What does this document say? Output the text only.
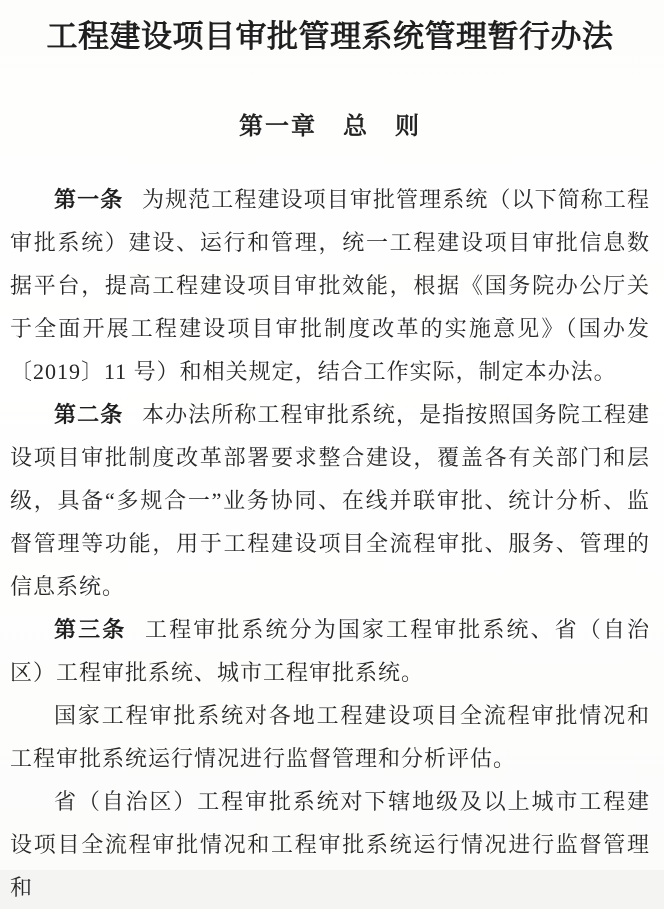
工程建设项目审批管理系统管理暂行办法
第一章　总　则

第一条 为规范工程建设项目审批管理系统（以下简称工程审批系统）建设、运行和管理，统一工程建设项目审批信息数据平台，提高工程建设项目审批效能，根据《国务院办公厅关于全面开展工程建设项目审批制度改革的实施意见》（国办发〔2019〕11 号）和相关规定，结合工作实际，制定本办法。

第二条 本办法所称工程审批系统，是指按照国务院工程建设项目审批制度改革部署要求整合建设，覆盖各有关部门和层级，具备“多规合一”业务协同、在线并联审批、统计分析、监督管理等功能，用于工程建设项目全流程审批、服务、管理的信息系统。

第三条 工程审批系统分为国家工程审批系统、省（自治区）工程审批系统、城市工程审批系统。

国家工程审批系统对各地工程建设项目全流程审批情况和工程审批系统运行情况进行监督管理和分析评估。

省（自治区）工程审批系统对下辖地级及以上城市工程建设项目全流程审批情况和工程审批系统运行情况进行监督管理和
